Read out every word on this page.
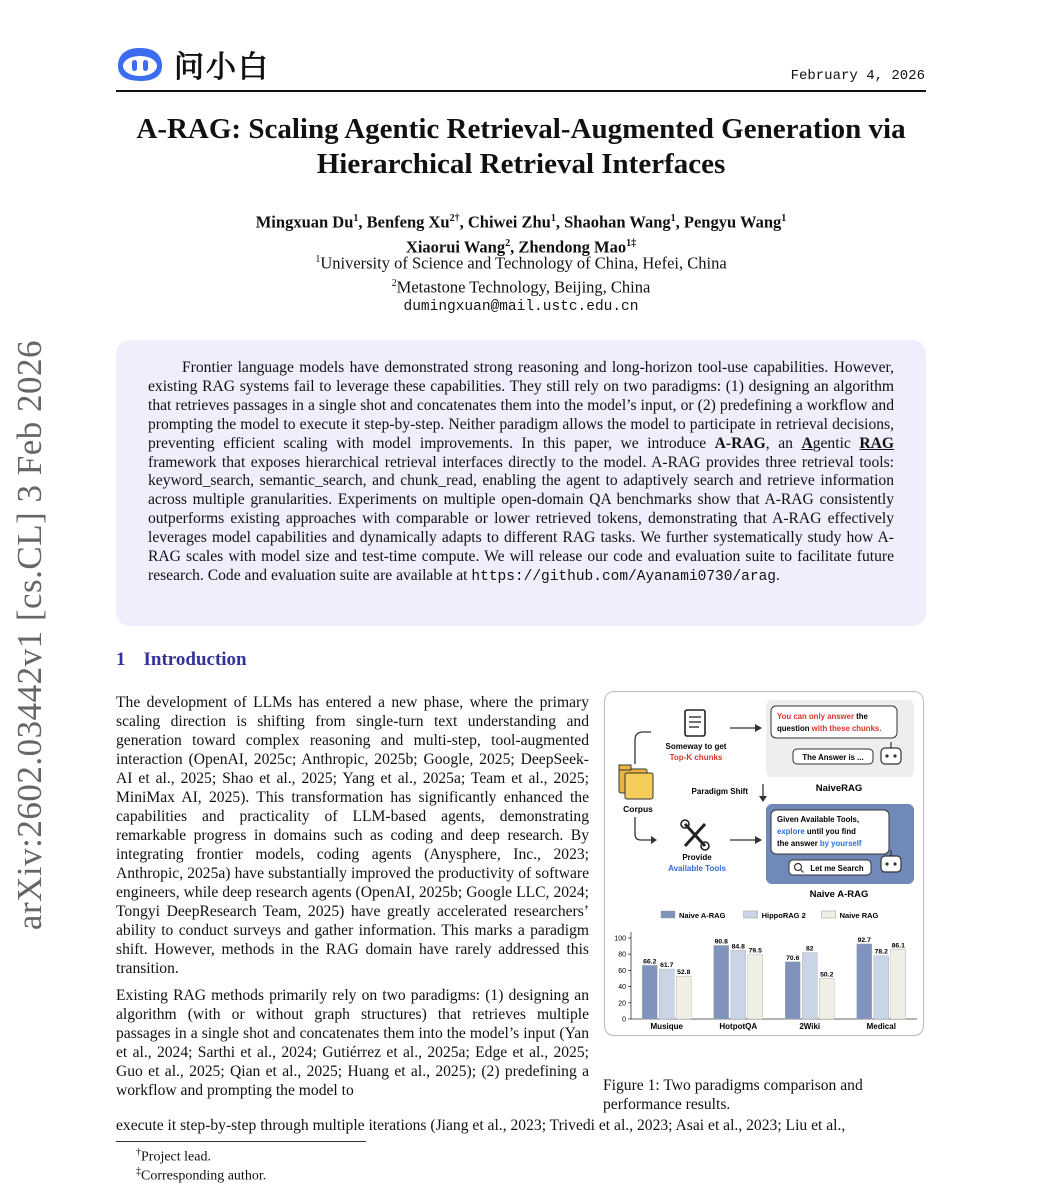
问小白	February 4, 2026
arXiv:2602.03442v1 [cs.CL] 3 Feb 2026
A-RAG: Scaling Agentic Retrieval-Augmented Generation via
Hierarchical Retrieval Interfaces
Mingxuan Du$^1$, Benfeng $Xu^{2\dagger}$, Chiwei Zhu$^1$, Shaohan Wang$^1$, Pengyu Wang$^1$
Xiaorui Wang$^2$, Zhendong Mao$^{1\ddagger}$
$^1$University of Science and Technology of China, Hefei, China
$^2$Metastone Technology, Beijing, China
dumingxuan@mail.ustc.edu.cn

Frontier language models have demonstrated strong reasoning and long-horizon tool-use capabilities. However, existing RAG systems fail to leverage these capabilities. They still rely on two paradigms: (1) designing an algorithm that retrieves passages in a single shot and concatenates them into the model’s input, or (2) predefining a workflow and prompting the model to execute it step-by-step. Neither paradigm allows the model to participate in retrieval decisions, preventing efficient scaling with model improvements. In this paper, we introduce A-RAG, an Agentic RAG framework that exposes hierarchical retrieval interfaces directly to the model. A-RAG provides three retrieval tools: keyword_search, semantic_search, and chunk_read, enabling the agent to adaptively search and retrieve information across multiple granularities. Experiments on multiple open-domain QA benchmarks show that A-RAG consistently outperforms existing approaches with comparable or lower retrieved tokens, demonstrating that A-RAG effectively leverages model capabilities and dynamically adapts to different RAG tasks. We further systematically study how A-RAG scales with model size and test-time compute. We will release our code and evaluation suite to facilitate future research. Code and evaluation suite are available at https://github.com/Ayanami0730/arag.

1 Introduction

The development of LLMs has entered a new phase, where the primary scaling direction is shifting from single-turn text understanding and generation toward complex reasoning and multi-step, tool-augmented interaction (OpenAI, 2025c; Anthropic, 2025b; Google, 2025; DeepSeek-AI et al., 2025; Shao et al., 2025; Yang et al., 2025a; Team et al., 2025; MiniMax AI, 2025). This transformation has significantly enhanced the capabilities and practicality of LLM-based agents, demonstrating remarkable progress in domains such as coding and deep research. By integrating frontier models, coding agents (Anysphere, Inc., 2023; Anthropic, 2025a) have substantially improved the productivity of software engineers, while deep research agents (OpenAI, 2025b; Google LLC, 2024; Tongyi DeepResearch Team, 2025) have greatly accelerated researchers’ ability to conduct surveys and gather information. This marks a paradigm shift. However, methods in the RAG domain have rarely addressed this transition.

Existing RAG methods primarily rely on two paradigms: (1) designing an algorithm (with or without graph structures) that retrieves multiple passages in a single shot and concatenates them into the model’s input (Yan et al., 2024; Sarthi et al., 2024; Gutiérrez et al., 2025a; Edge et al., 2025; Guo et al., 2025; Qian et al., 2025; Huang et al., 2025); (2) predefining a workflow and prompting the model to

execute it step-by-step through multiple iterations (Jiang et al., 2023; Trivedi et al., 2023; Asai et al., 2023; Liu et al.,
†Project lead.
‡Corresponding author.
Corpus
Someway to get
Top-K chunks
You can only answer the
question with these chunks.
The Answer is ...
NaiveRAG
Paradigm Shift
Provide
Available Tools
Given Available Tools,
explore until you find
the answer by yourself
Let me Search
Naive A-RAG
Naive A-RAG	HippoRAG 2	Naive RAG
0
20
40
60
80
100
66.2
61.7
52.8
Musique
90.8
84.8
79.5
HotpotQA
70.6
82
50.2
2Wiki
92.7
78.2
86.1
Medical
Figure 1: Two paradigms comparison and performance results.
